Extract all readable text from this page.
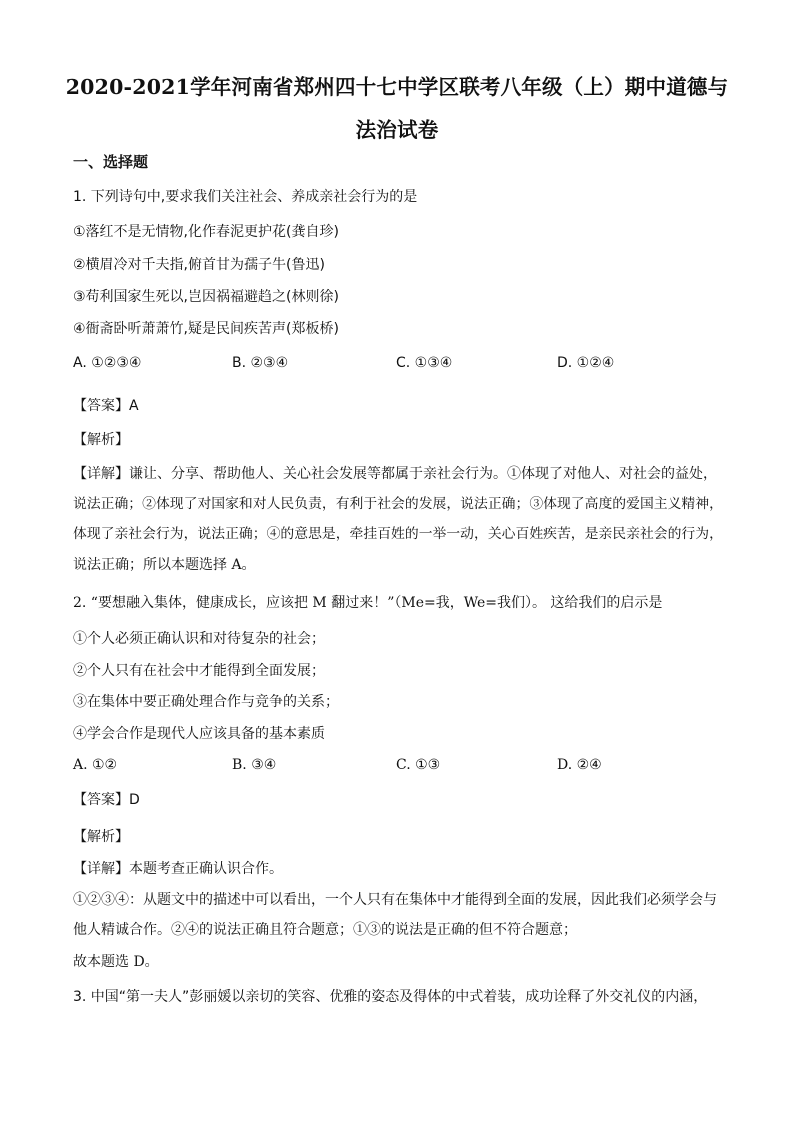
2020-2021学年河南省郑州四十七中学区联考八年级（上）期中道德与
法治试卷
一、选择题
1. 下列诗句中,要求我们关注社会、养成亲社会行为的是
①落红不是无情物,化作春泥更护花(龚自珍)
②横眉冷对千夫指,俯首甘为孺子牛(鲁迅)
③苟利国家生死以,岂因祸福避趋之(林则徐)
④衙斋卧听萧萧竹,疑是民间疾苦声(郑板桥)
A. ①②③④	B. ②③④	C. ①③④	D. ①②④
【答案】A
【解析】
【详解】谦让、分享、帮助他人、关心社会发展等都属于亲社会行为。①体现了对他人、对社会的益处，
说法正确；②体现了对国家和对人民负责，有利于社会的发展，说法正确；③体现了高度的爱国主义精神，
体现了亲社会行为，说法正确；④的意思是，牵挂百姓的一举一动，关心百姓疾苦，是亲民亲社会的行为，
说法正确；所以本题选择 A。
2. “要想融入集体，健康成长，应该把 M 翻过来！”（Me=我，We=我们）。 这给我们的启示是
①个人必须正确认识和对待复杂的社会；
②个人只有在社会中才能得到全面发展；
③在集体中要正确处理合作与竞争的关系；
④学会合作是现代人应该具备的基本素质
A. ①②	B. ③④	C. ①③	D. ②④
【答案】D
【解析】
【详解】本题考查正确认识合作。
①②③④：从题文中的描述中可以看出，一个人只有在集体中才能得到全面的发展，因此我们必须学会与
他人精诚合作。②④的说法正确且符合题意；①③的说法是正确的但不符合题意；
故本题选 D。
3. 中国“第一夫人”彭丽媛以亲切的笑容、优雅的姿态及得体的中式着装，成功诠释了外交礼仪的内涵，
